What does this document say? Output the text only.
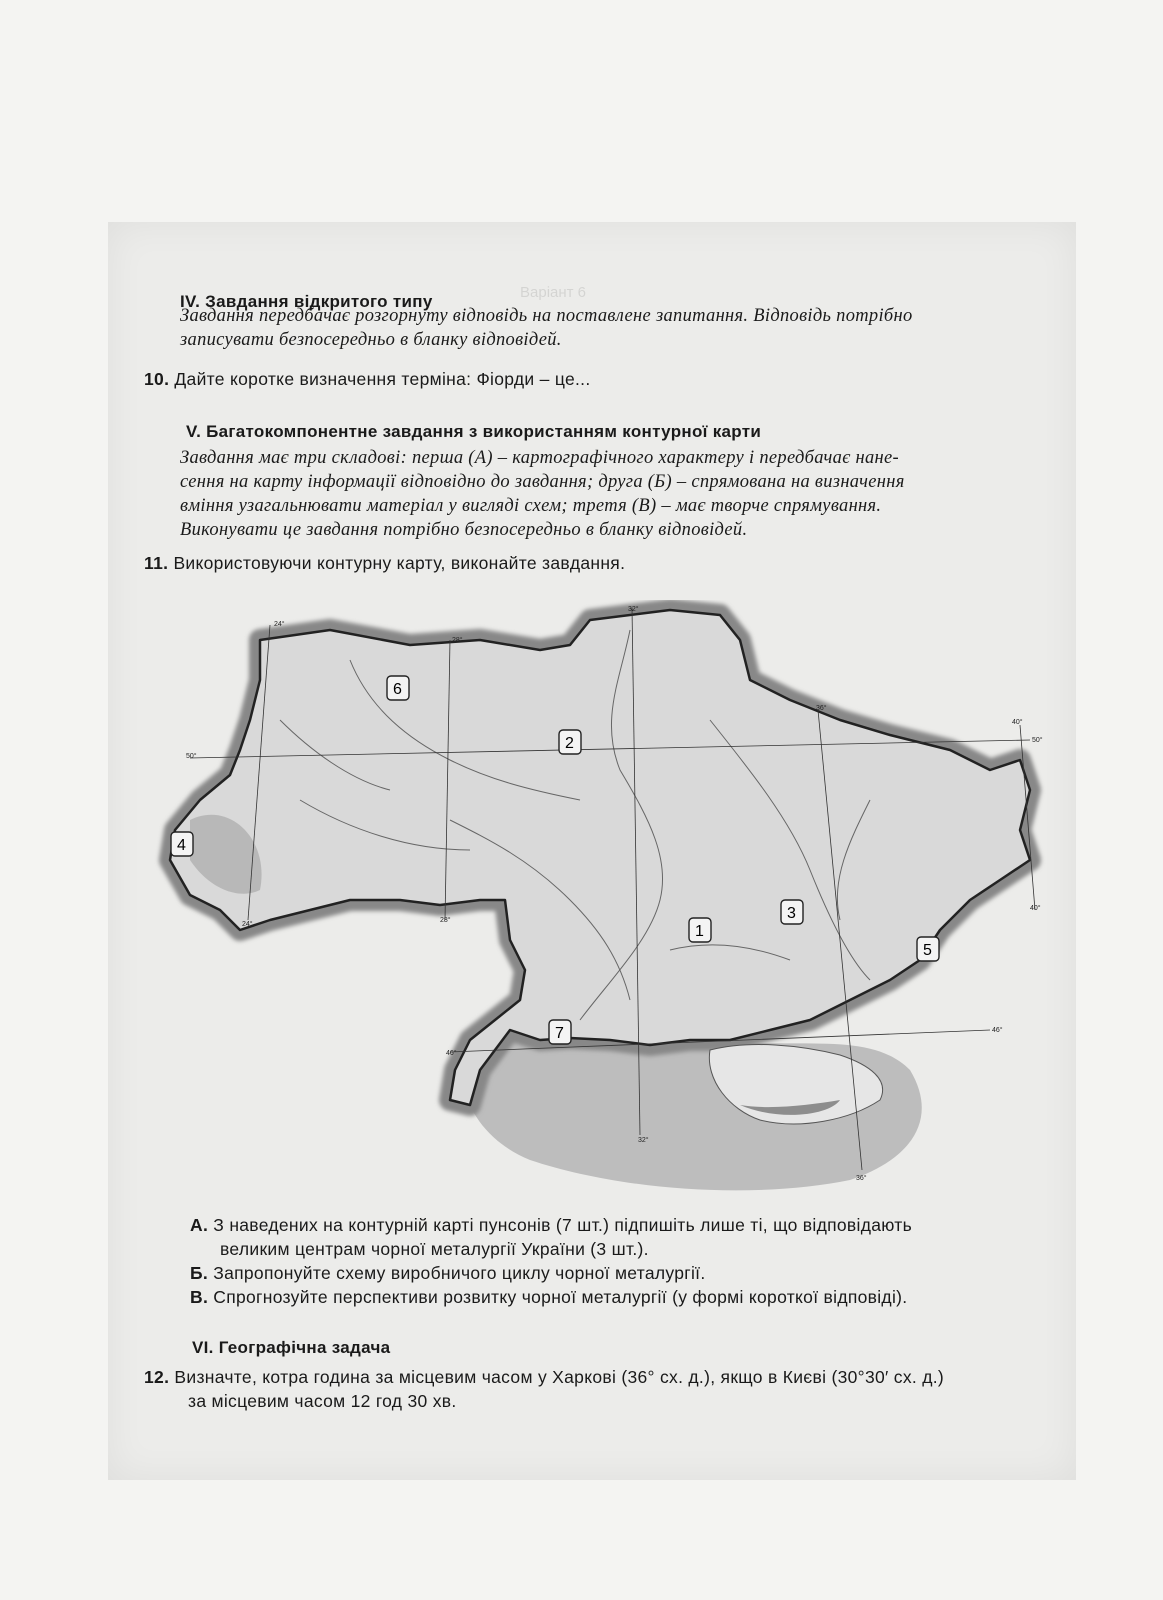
Варіант 6
IV. Завдання відкритого типу
Завдання передбачає розгорнуту відповідь на поставлене запитання. Відповідь потрібно
записувати безпосередньо в бланку відповідей.
10. Дайте коротке визначення терміна: Фіорди – це...
V. Багатокомпонентне завдання з використанням контурної карти
Завдання має три складові: перша (А) – картографічного характеру і передбачає нане-
сення на карту інформації відповідно до завдання; друга (Б) – спрямована на визначення
вміння узагальнювати матеріал у вигляді схем; третя (В) – має творче спрямування.
Виконувати це завдання потрібно безпосередньо в бланку відповідей.
11. Використовуючи контурну карту, виконайте завдання.
24°
24°
28°
28°
32°
32°
36°
36°
40°
40°
50°
50°
46°
46°
1
2
3
4
5
6
7
А. З наведених на контурній карті пунсонів (7 шт.) підпишіть лише ті, що відповідають
великим центрам чорної металургії України (3 шт.).
Б. Запропонуйте схему виробничого циклу чорної металургії.
В. Спрогнозуйте перспективи розвитку чорної металургії (у формі короткої відповіді).
VI. Географічна задача
12. Визначте, котра година за місцевим часом у Харкові (36° сх. д.), якщо в Києві (30°30′ сх. д.)
за місцевим часом 12 год 30 хв.
